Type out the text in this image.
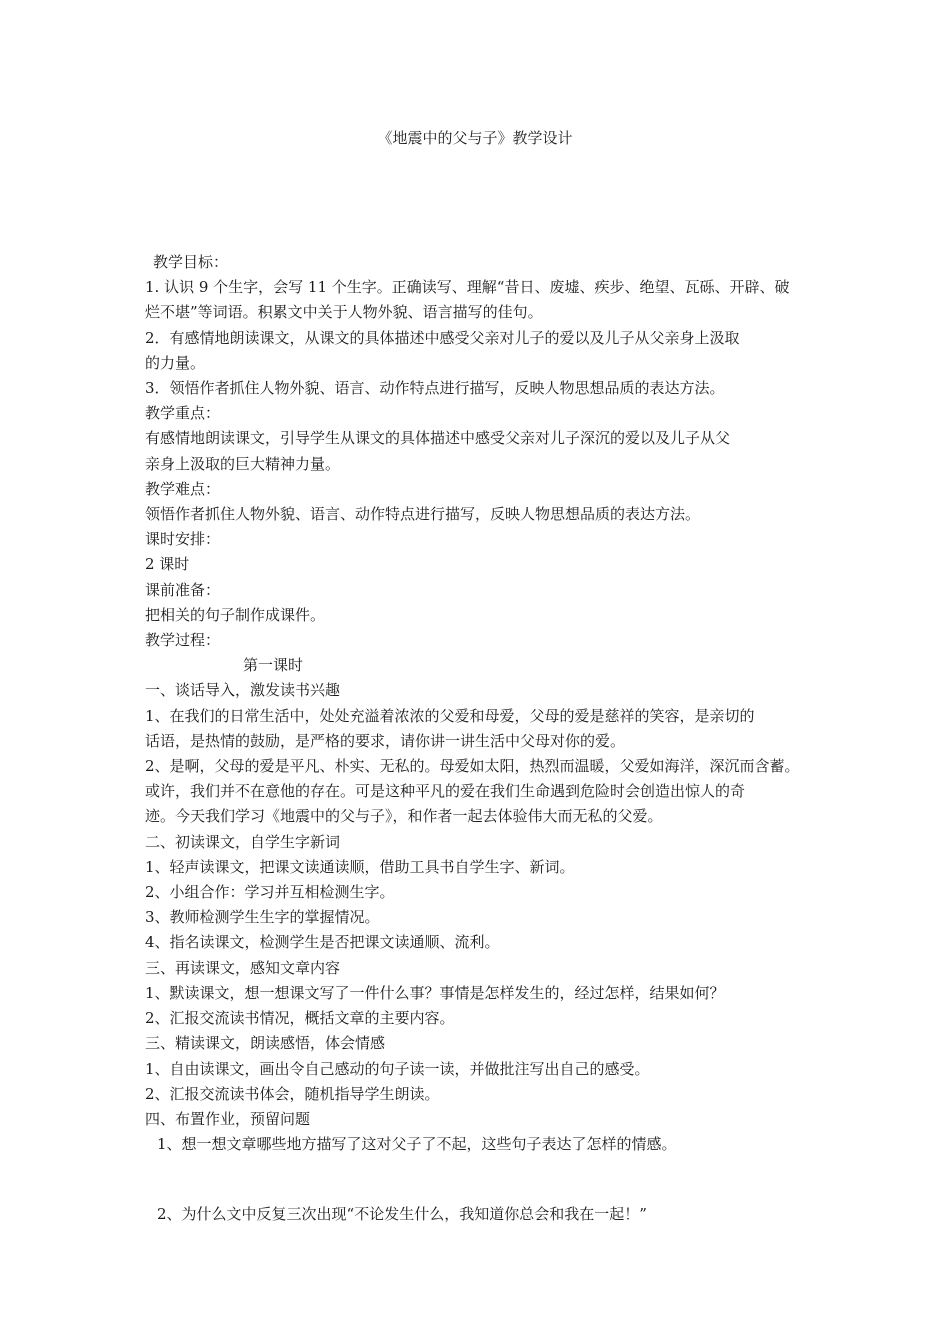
《地震中的父与子》教学设计

教学目标：

1. 认识 9 个生字，会写 11 个生字。正确读写、理解“昔日、废墟、疾步、绝望、瓦砾、开辟、破

烂不堪”等词语。积累文中关于人物外貌、语言描写的佳句。

2．有感情地朗读课文，从课文的具体描述中感受父亲对儿子的爱以及儿子从父亲身上汲取

的力量。

3．领悟作者抓住人物外貌、语言、动作特点进行描写，反映人物思想品质的表达方法。

教学重点：

有感情地朗读课文，引导学生从课文的具体描述中感受父亲对儿子深沉的爱以及儿子从父

亲身上汲取的巨大精神力量。

教学难点：

领悟作者抓住人物外貌、语言、动作特点进行描写，反映人物思想品质的表达方法。

课时安排：

2 课时

课前准备：

把相关的句子制作成课件。

教学过程：

第一课时

一、谈话导入，激发读书兴趣

1、在我们的日常生活中，处处充溢着浓浓的父爱和母爱，父母的爱是慈祥的笑容，是亲切的

话语，是热情的鼓励，是严格的要求，请你讲一讲生活中父母对你的爱。

2、是啊，父母的爱是平凡、朴实、无私的。母爱如太阳，热烈而温暖，父爱如海洋，深沉而含蓄。

或许，我们并不在意他的存在。可是这种平凡的爱在我们生命遇到危险时会创造出惊人的奇

迹。今天我们学习《地震中的父与子》，和作者一起去体验伟大而无私的父爱。

二、初读课文，自学生字新词

1、轻声读课文，把课文读通读顺，借助工具书自学生字、新词。

2、小组合作：学习并互相检测生字。

3、教师检测学生生字的掌握情况。

4、指名读课文，检测学生是否把课文读通顺、流利。

三、再读课文，感知文章内容

1、默读课文，想一想课文写了一件什么事？事情是怎样发生的，经过怎样，结果如何？

2、汇报交流读书情况，概括文章的主要内容。

三、精读课文，朗读感悟，体会情感

1、自由读课文，画出令自己感动的句子读一读，并做批注写出自己的感受。

2、汇报交流读书体会，随机指导学生朗读。

四、布置作业，预留问题

1、想一想文章哪些地方描写了这对父子了不起，这些句子表达了怎样的情感。

2、为什么文中反复三次出现“不论发生什么，我知道你总会和我在一起！”
